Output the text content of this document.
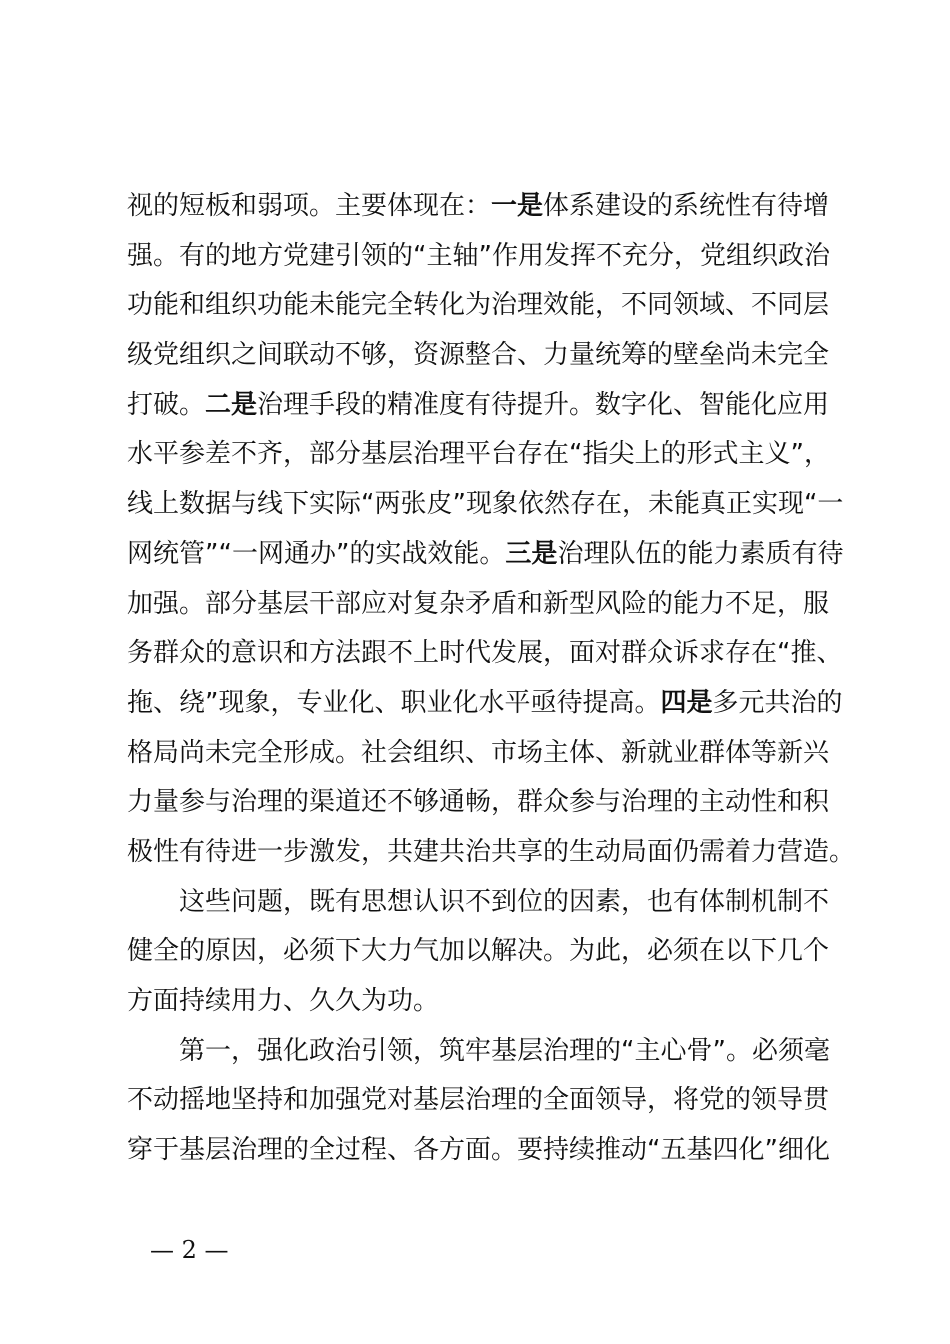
视的短板和弱项。主要体现在：一是体系建设的系统性有待增
强。有的地方党建引领的“主轴”作用发挥不充分，党组织政治
功能和组织功能未能完全转化为治理效能，不同领域、不同层
级党组织之间联动不够，资源整合、力量统筹的壁垒尚未完全
打破。二是治理手段的精准度有待提升。数字化、智能化应用
水平参差不齐，部分基层治理平台存在“指尖上的形式主义”，
线上数据与线下实际“两张皮”现象依然存在，未能真正实现“一
网统管”“一网通办”的实战效能。三是治理队伍的能力素质有待
加强。部分基层干部应对复杂矛盾和新型风险的能力不足，服
务群众的意识和方法跟不上时代发展，面对群众诉求存在“推、
拖、绕”现象，专业化、职业化水平亟待提高。四是多元共治的
格局尚未完全形成。社会组织、市场主体、新就业群体等新兴
力量参与治理的渠道还不够通畅，群众参与治理的主动性和积
极性有待进一步激发，共建共治共享的生动局面仍需着力营造。
这些问题，既有思想认识不到位的因素，也有体制机制不
健全的原因，必须下大力气加以解决。为此，必须在以下几个
方面持续用力、久久为功。
第一，强化政治引领，筑牢基层治理的“主心骨”。必须毫
不动摇地坚持和加强党对基层治理的全面领导，将党的领导贯
穿于基层治理的全过程、各方面。要持续推动“五基四化”细化
— 2 —
